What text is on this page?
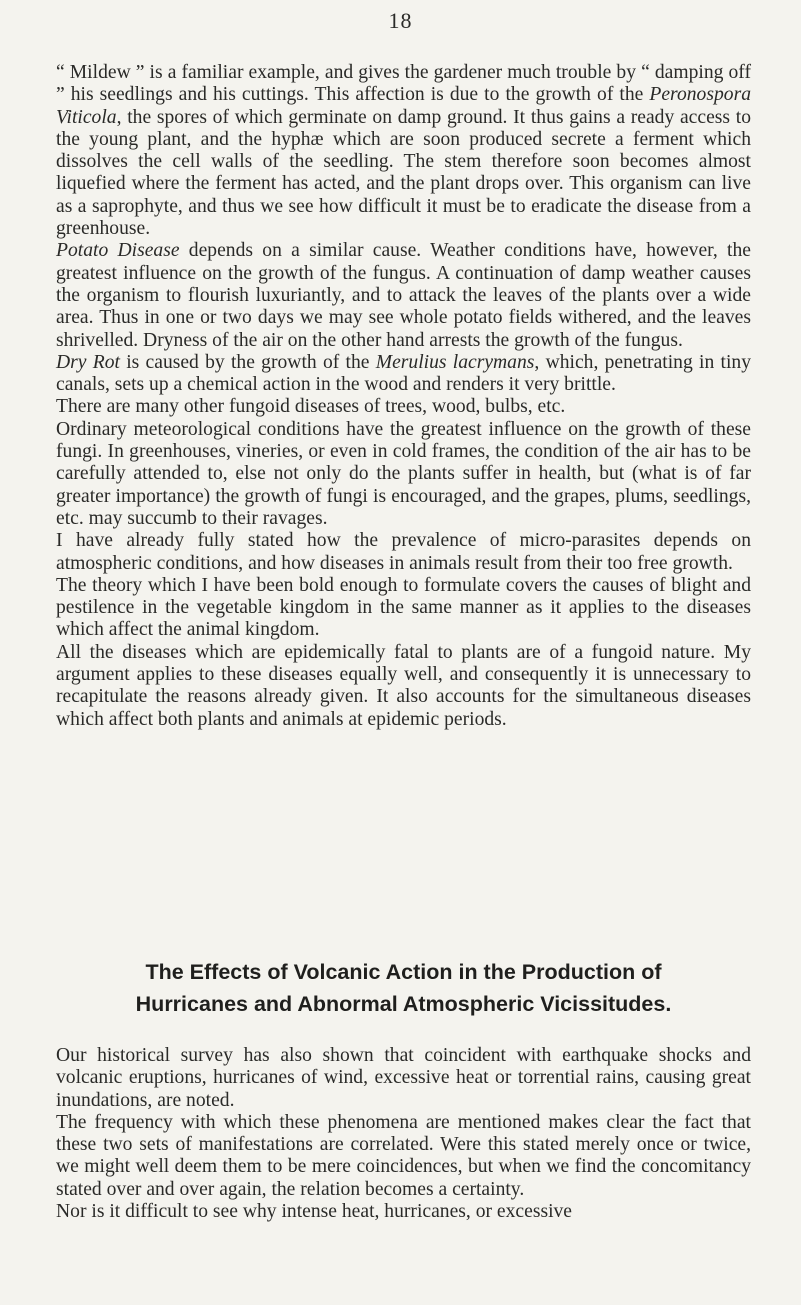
18

“ Mildew ” is a familiar example, and gives the gardener much trouble by “ damping off ” his seedlings and his cuttings. This affection is due to the growth of the Peronospora Viticola, the spores of which germinate on damp ground. It thus gains a ready access to the young plant, and the hyphæ which are soon produced secrete a ferment which dissolves the cell walls of the seedling. The stem therefore soon becomes almost liquefied where the ferment has acted, and the plant drops over. This organism can live as a saprophyte, and thus we see how difficult it must be to eradicate the disease from a greenhouse.

Potato Disease depends on a similar cause. Weather conditions have, however, the greatest influence on the growth of the fungus. A continuation of damp weather causes the organism to flourish luxuriantly, and to attack the leaves of the plants over a wide area. Thus in one or two days we may see whole potato fields withered, and the leaves shrivelled. Dryness of the air on the other hand arrests the growth of the fungus.

Dry Rot is caused by the growth of the Merulius lacrymans, which, penetrating in tiny canals, sets up a chemical action in the wood and renders it very brittle.

There are many other fungoid diseases of trees, wood, bulbs, etc.

Ordinary meteorological conditions have the greatest influence on the growth of these fungi. In greenhouses, vineries, or even in cold frames, the condition of the air has to be carefully attended to, else not only do the plants suffer in health, but (what is of far greater importance) the growth of fungi is encouraged, and the grapes, plums, seedlings, etc. may succumb to their ravages.

I have already fully stated how the prevalence of micro-parasites depends on atmospheric conditions, and how diseases in animals result from their too free growth.

The theory which I have been bold enough to formulate covers the causes of blight and pestilence in the vegetable kingdom in the same manner as it applies to the diseases which affect the animal kingdom.

All the diseases which are epidemically fatal to plants are of a fungoid nature. My argument applies to these diseases equally well, and consequently it is unnecessary to recapitulate the reasons already given. It also accounts for the simultaneous diseases which affect both plants and animals at epidemic periods.

The Effects of Volcanic Action in the Production of
Hurricanes and Abnormal Atmospheric Vicissitudes.

Our historical survey has also shown that coincident with earthquake shocks and volcanic eruptions, hurricanes of wind, excessive heat or torrential rains, causing great inundations, are noted.

The frequency with which these phenomena are mentioned makes clear the fact that these two sets of manifestations are correlated. Were this stated merely once or twice, we might well deem them to be mere coincidences, but when we find the concomitancy stated over and over again, the relation becomes a certainty.

Nor is it difficult to see why intense heat, hurricanes, or excessive
